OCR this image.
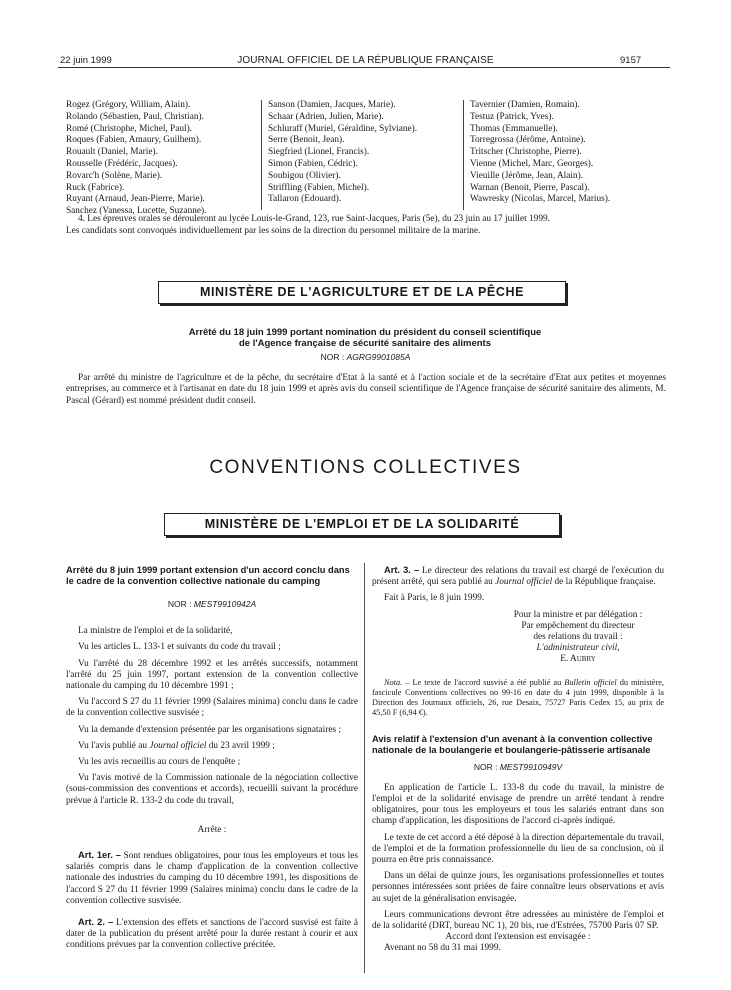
22 juin 1999	JOURNAL OFFICIEL DE LA RÉPUBLIQUE FRANÇAISE	9157
Rogez (Grégory, William, Alain).
Rolando (Sébastien, Paul, Christian).
Romé (Christophe, Michel, Paul).
Roques (Fabien, Amaury, Guilhem).
Rouault (Daniel, Marie).
Rousselle (Frédéric, Jacques).
Rovarc'h (Solène, Marie).
Ruck (Fabrice).
Ruyant (Arnaud, Jean-Pierre, Marie).
Sanchez (Vanessa, Lucette, Suzanne).
Sanson (Damien, Jacques, Marie).
Schaar (Adrien, Julien, Marie).
Schluraff (Muriel, Géraldine, Sylviane).
Serre (Benoit, Jean).
Siegfried (Lionel, Francis).
Simon (Fabien, Cédric).
Soubigou (Olivier).
Striffling (Fabien, Michel).
Tallaron (Edouard).
Tavernier (Damien, Romain).
Testuz (Patrick, Yves).
Thomas (Emmanuelle).
Torregrossa (Jérôme, Antoine).
Tritscher (Christophe, Pierre).
Vienne (Michel, Marc, Georges).
Vieuille (Jérôme, Jean, Alain).
Warnan (Benoit, Pierre, Pascal).
Wawresky (Nicolas, Marcel, Marius).
4. Les épreuves orales se dérouleront au lycée Louis-le-Grand, 123, rue Saint-Jacques, Paris (5e), du 23 juin au 17 juillet 1999.
Les candidats sont convoqués individuellement par les soins de la direction du personnel militaire de la marine.
MINISTÈRE DE L'AGRICULTURE ET DE LA PÊCHE
Arrêté du 18 juin 1999 portant nomination du président du conseil scientifique
de l'Agence française de sécurité sanitaire des aliments
NOR : AGRG9901085A
Par arrêté du ministre de l'agriculture et de la pêche, du secrétaire d'Etat à la santé et à l'action sociale et de la secrétaire d'Etat aux petites et moyennes entreprises, au commerce et à l'artisanat en date du 18 juin 1999 et après avis du conseil scientifique de l'Agence française de sécurité sanitaire des aliments, M. Pascal (Gérard) est nommé président dudit conseil.
CONVENTIONS COLLECTIVES
MINISTÈRE DE L'EMPLOI ET DE LA SOLIDARITÉ
Arrêté du 8 juin 1999 portant extension d'un accord conclu dans le cadre de la convention collective nationale du camping
NOR : MEST9910942A

La ministre de l'emploi et de la solidarité,

Vu les articles L. 133-1 et suivants du code du travail ;

Vu l'arrêté du 28 décembre 1992 et les arrêtés successifs, notamment l'arrêté du 25 juin 1997, portant extension de la convention collective nationale du camping du 10 décembre 1991 ;

Vu l'accord S 27 du 11 février 1999 (Salaires minima) conclu dans le cadre de la convention collective susvisée ;

Vu la demande d'extension présentée par les organisations signataires ;

Vu l'avis publié au Journal officiel du 23 avril 1999 ;

Vu les avis recueillis au cours de l'enquête ;

Vu l'avis motivé de la Commission nationale de la négociation collective (sous-commission des conventions et accords), recueilli suivant la procédure prévue à l'article R. 133-2 du code du travail,

Arrête :

Art. 1er. – Sont rendues obligatoires, pour tous les employeurs et tous les salariés compris dans le champ d'application de la convention collective nationale des industries du camping du 10 décembre 1991, les dispositions de l'accord S 27 du 11 février 1999 (Salaires minima) conclu dans le cadre de la convention collective susvisée.

Art. 2. – L'extension des effets et sanctions de l'accord susvisé est faite à dater de la publication du présent arrêté pour la durée restant à courir et aux conditions prévues par la convention collective précitée.

Art. 3. – Le directeur des relations du travail est chargé de l'exécution du présent arrêté, qui sera publié au Journal officiel de la République française.

Fait à Paris, le 8 juin 1999.

Pour la ministre et par délégation :
Par empêchement du directeur
des relations du travail :
L'administrateur civil,
E. Aubry

Nota. – Le texte de l'accord susvisé a été publié au Bulletin officiel du ministère, fascicule Conventions collectives no 99-16 en date du 4 juin 1999, disponible à la Direction des Journaux officiels, 26, rue Desaix, 75727 Paris Cedex 15, au prix de 45,50 F (6,94 €).

Avis relatif à l'extension d'un avenant à la convention collective nationale de la boulangerie et boulangerie-pâtisserie artisanale
NOR : MEST9910949V

En application de l'article L. 133-8 du code du travail, la ministre de l'emploi et de la solidarité envisage de prendre un arrêté tendant à rendre obligatoires, pour tous les employeurs et tous les salariés entrant dans son champ d'application, les dispositions de l'accord ci-après indiqué.

Le texte de cet accord a été déposé à la direction départementale du travail, de l'emploi et de la formation professionnelle du lieu de sa conclusion, où il pourra en être pris connaissance.

Dans un délai de quinze jours, les organisations professionnelles et toutes personnes intéressées sont priées de faire connaître leurs observations et avis au sujet de la généralisation envisagée.

Leurs communications devront être adressées au ministère de l'emploi et de la solidarité (DRT, bureau NC 1), 20 bis, rue d'Estrées, 75700 Paris 07 SP.

Accord dont l'extension est envisagée :

Avenant no 58 du 31 mai 1999.
